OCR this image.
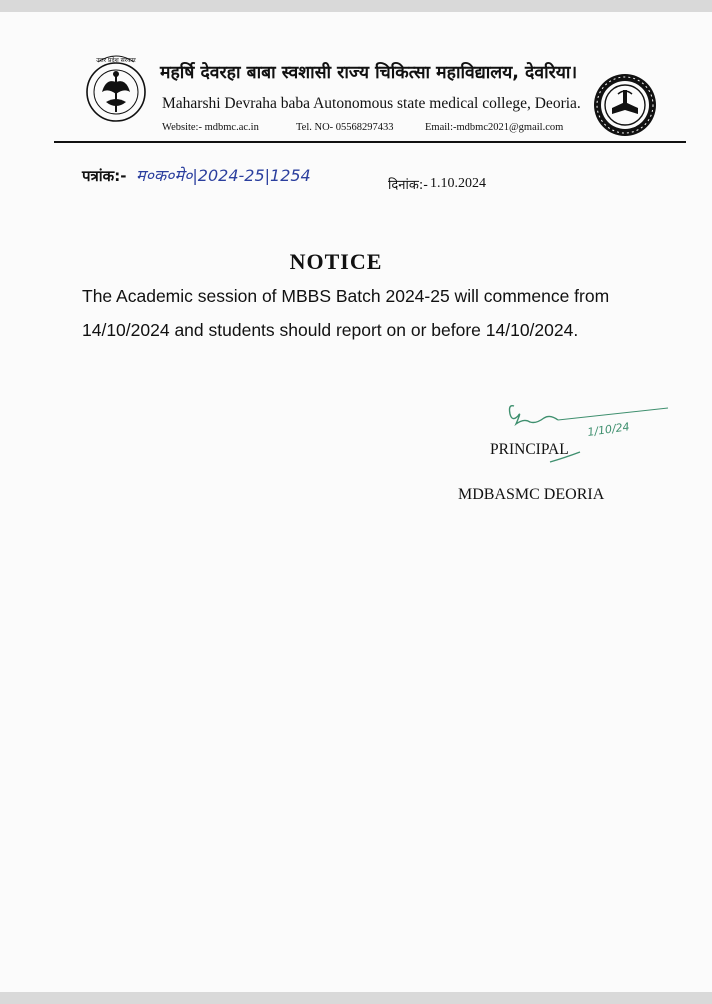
उत्तर प्रदेश सरकार
महर्षि देवरहा बाबा स्वशासी राज्य चिकित्सा महाविद्यालय, देवरिया।
Maharshi Devraha baba Autonomous state medical college, Deoria.
Website:- mdbmc.ac.in	Tel. NO- 05568297433	Email:-mdbmc2021@gmail.com
पत्रांक:- म०क०मे०|2024-25|1254
दिनांक:- 1.10.2024
NOTICE
The Academic session of MBBS Batch 2024-25 will commence from
14/10/2024 and students should report on or before 14/10/2024.
1/10/24
PRINCIPAL
MDBASMC DEORIA
